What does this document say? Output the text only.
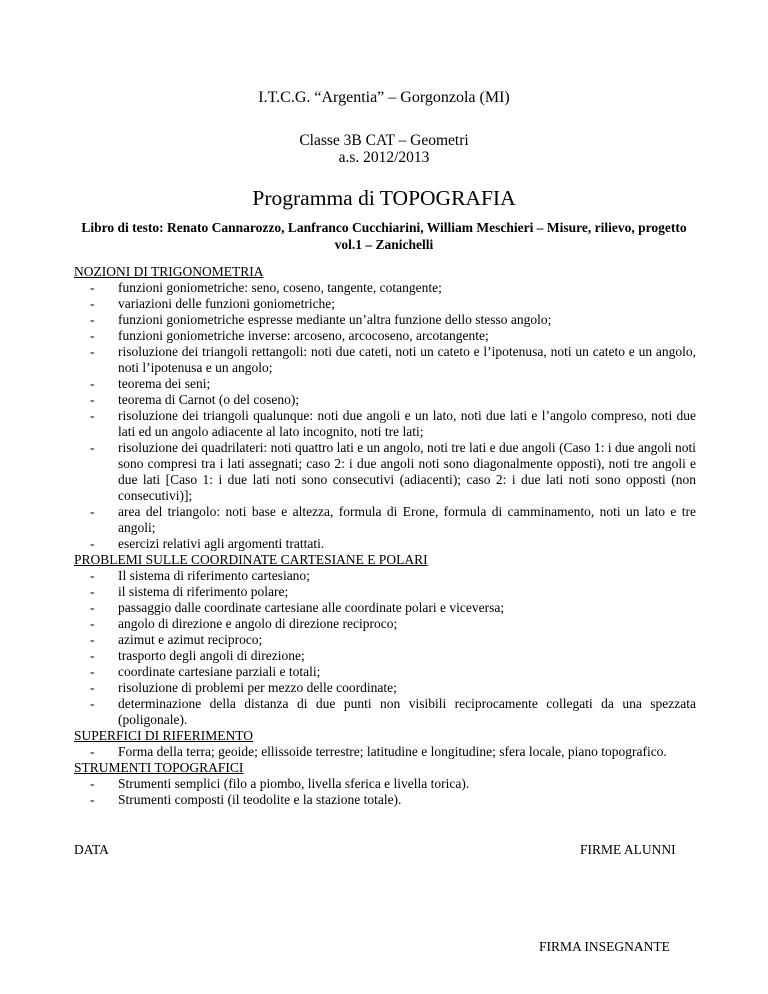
I.T.C.G. “Argentia” – Gorgonzola (MI)
Classe 3B CAT – Geometri
a.s. 2012/2013
Programma di TOPOGRAFIA
Libro di testo: Renato Cannarozzo, Lanfranco Cucchiarini, William Meschieri – Misure, rilievo, progetto vol.1 – Zanichelli
NOZIONI DI TRIGONOMETRIA
- funzioni goniometriche: seno, coseno, tangente, cotangente;
- variazioni delle funzioni goniometriche;
- funzioni goniometriche espresse mediante un’altra funzione dello stesso angolo;
- funzioni goniometriche inverse: arcoseno, arcocoseno, arcotangente;
- risoluzione dei triangoli rettangoli: noti due cateti, noti un cateto e l’ipotenusa, noti un cateto e un angolo, noti l’ipotenusa e un angolo;
- teorema dei seni;
- teorema di Carnot (o del coseno);
- risoluzione dei triangoli qualunque: noti due angoli e un lato, noti due lati e l’angolo compreso, noti due lati ed un angolo adiacente al lato incognito, noti tre lati;
- risoluzione dei quadrilateri: noti quattro lati e un angolo, noti tre lati e due angoli (Caso 1: i due angoli noti sono compresi tra i lati assegnati; caso 2: i due angoli noti sono diagonalmente opposti), noti tre angoli e due lati [Caso 1: i due lati noti sono consecutivi (adiacenti); caso 2: i due lati noti sono opposti (non consecutivi)];
- area del triangolo: noti base e altezza, formula di Erone, formula di camminamento, noti un lato e tre angoli;
- esercizi relativi agli argomenti trattati.
PROBLEMI SULLE COORDINATE CARTESIANE E POLARI
- Il sistema di riferimento cartesiano;
- il sistema di riferimento polare;
- passaggio dalle coordinate cartesiane alle coordinate polari e viceversa;
- angolo di direzione e angolo di direzione reciproco;
- azimut e azimut reciproco;
- trasporto degli angoli di direzione;
- coordinate cartesiane parziali e totali;
- risoluzione di problemi per mezzo delle coordinate;
- determinazione della distanza di due punti non visibili reciprocamente collegati da una spezzata (poligonale).
SUPERFICI DI RIFERIMENTO
- Forma della terra; geoide; ellissoide terrestre; latitudine e longitudine; sfera locale, piano topografico.
STRUMENTI TOPOGRAFICI
- Strumenti semplici (filo a piombo, livella sferica e livella torica).
- Strumenti composti (il teodolite e la stazione totale).
DATA	FIRME ALUNNI
FIRMA INSEGNANTE
